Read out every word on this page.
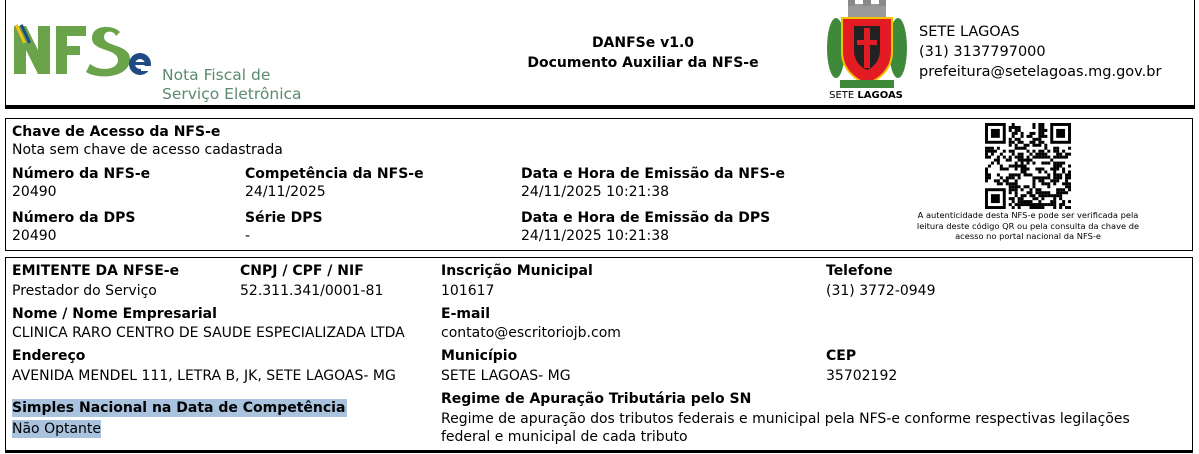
Nota Fiscal de
Serviço Eletrônica
DANFSe v1.0
Documento Auxiliar da NFS-e
SETE LAGOAS
SETE LAGOAS
(31) 3137797000
prefeitura@setelagoas.mg.gov.br
Chave de Acesso da NFS-e
Nota sem chave de acesso cadastrada
Número da NFS-e
20490
Competência da NFS-e
24/11/2025
Data e Hora de Emissão da NFS-e
24/11/2025 10:21:38
Número da DPS
20490
Série DPS
-
Data e Hora de Emissão da DPS
24/11/2025 10:21:38
A autenticidade desta NFS-e pode ser verificada pela leitura deste código QR ou pela consulta da chave de acesso no portal nacional da NFS-e
EMITENTE DA NFSE-e
Prestador do Serviço
CNPJ / CPF / NIF
52.311.341/0001-81
Inscrição Municipal
101617
Telefone
(31) 3772-0949
Nome / Nome Empresarial
CLINICA RARO CENTRO DE SAUDE ESPECIALIZADA LTDA
E-mail
contato@escritoriojb.com
Endereço
AVENIDA MENDEL 111, LETRA B, JK, SETE LAGOAS- MG
Município
SETE LAGOAS- MG
CEP
35702192
Simples Nacional na Data de Competência
Não Optante
Regime de Apuração Tributária pelo SN
Regime de apuração dos tributos federais e municipal pela NFS-e conforme respectivas legilações federal e municipal de cada tributo
